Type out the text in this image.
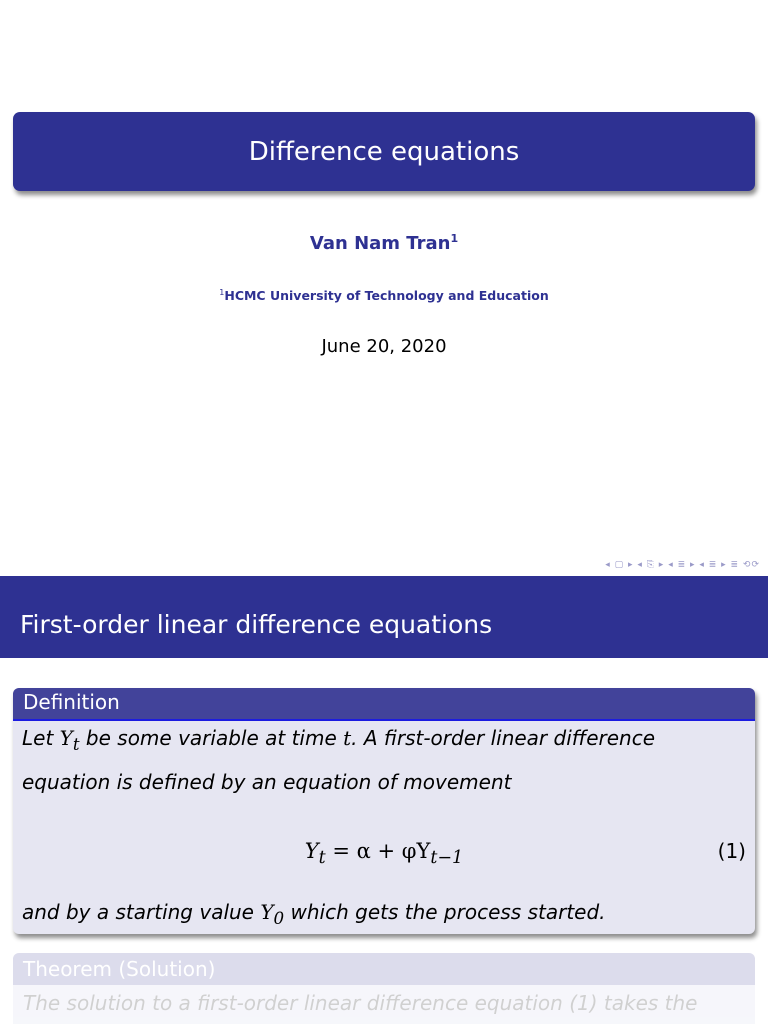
Difference equations
Van Nam Tran$^1$
$^1$HCMC University of Technology and Education
June 20, 2020
◂ ▢ ▸ ◂ ⎘ ▸ ◂ ≣ ▸ ◂ ≣ ▸ ≣ ⟲⟳
First-order linear difference equations
Definition
Let $Y_t$ be some variable at time t. A first-order linear difference
equation is defined by an equation of movement
$Y_t = \alpha + \varphi Y_{t-1}$	(1)
and by a starting value $Y_0$ which gets the process started.
Theorem (Solution)
The solution to a first-order linear difference equation (1) takes the
